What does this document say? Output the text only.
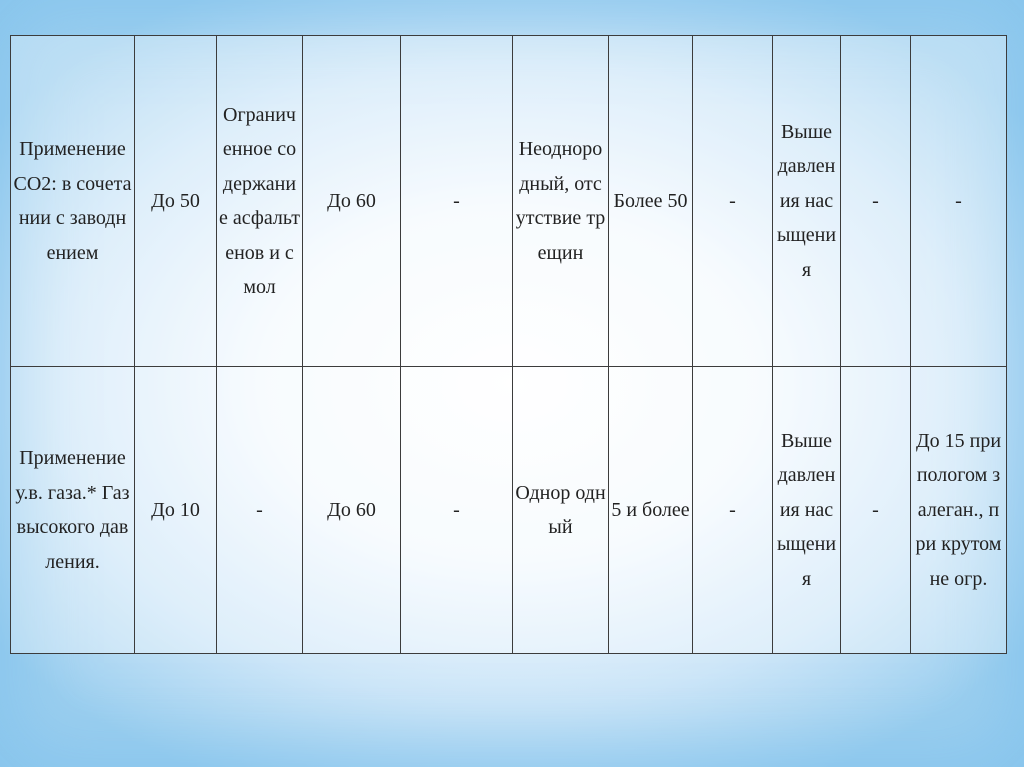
Применение CO2: в сочетании с заводнением	До 50	Ограниченное содержание асфальтенов и смол	До 60	-	Неоднородный, отсутствие трещин	Более 50	-	Выше давления насыщения	-	-
Применение у.в. газа.* Газ высокого давления.	До 10	-	До 60	-	Однор одный	5 и более	-	Выше давления насыщения	-	До 15 при пологом залеган., при крутом не огр.
